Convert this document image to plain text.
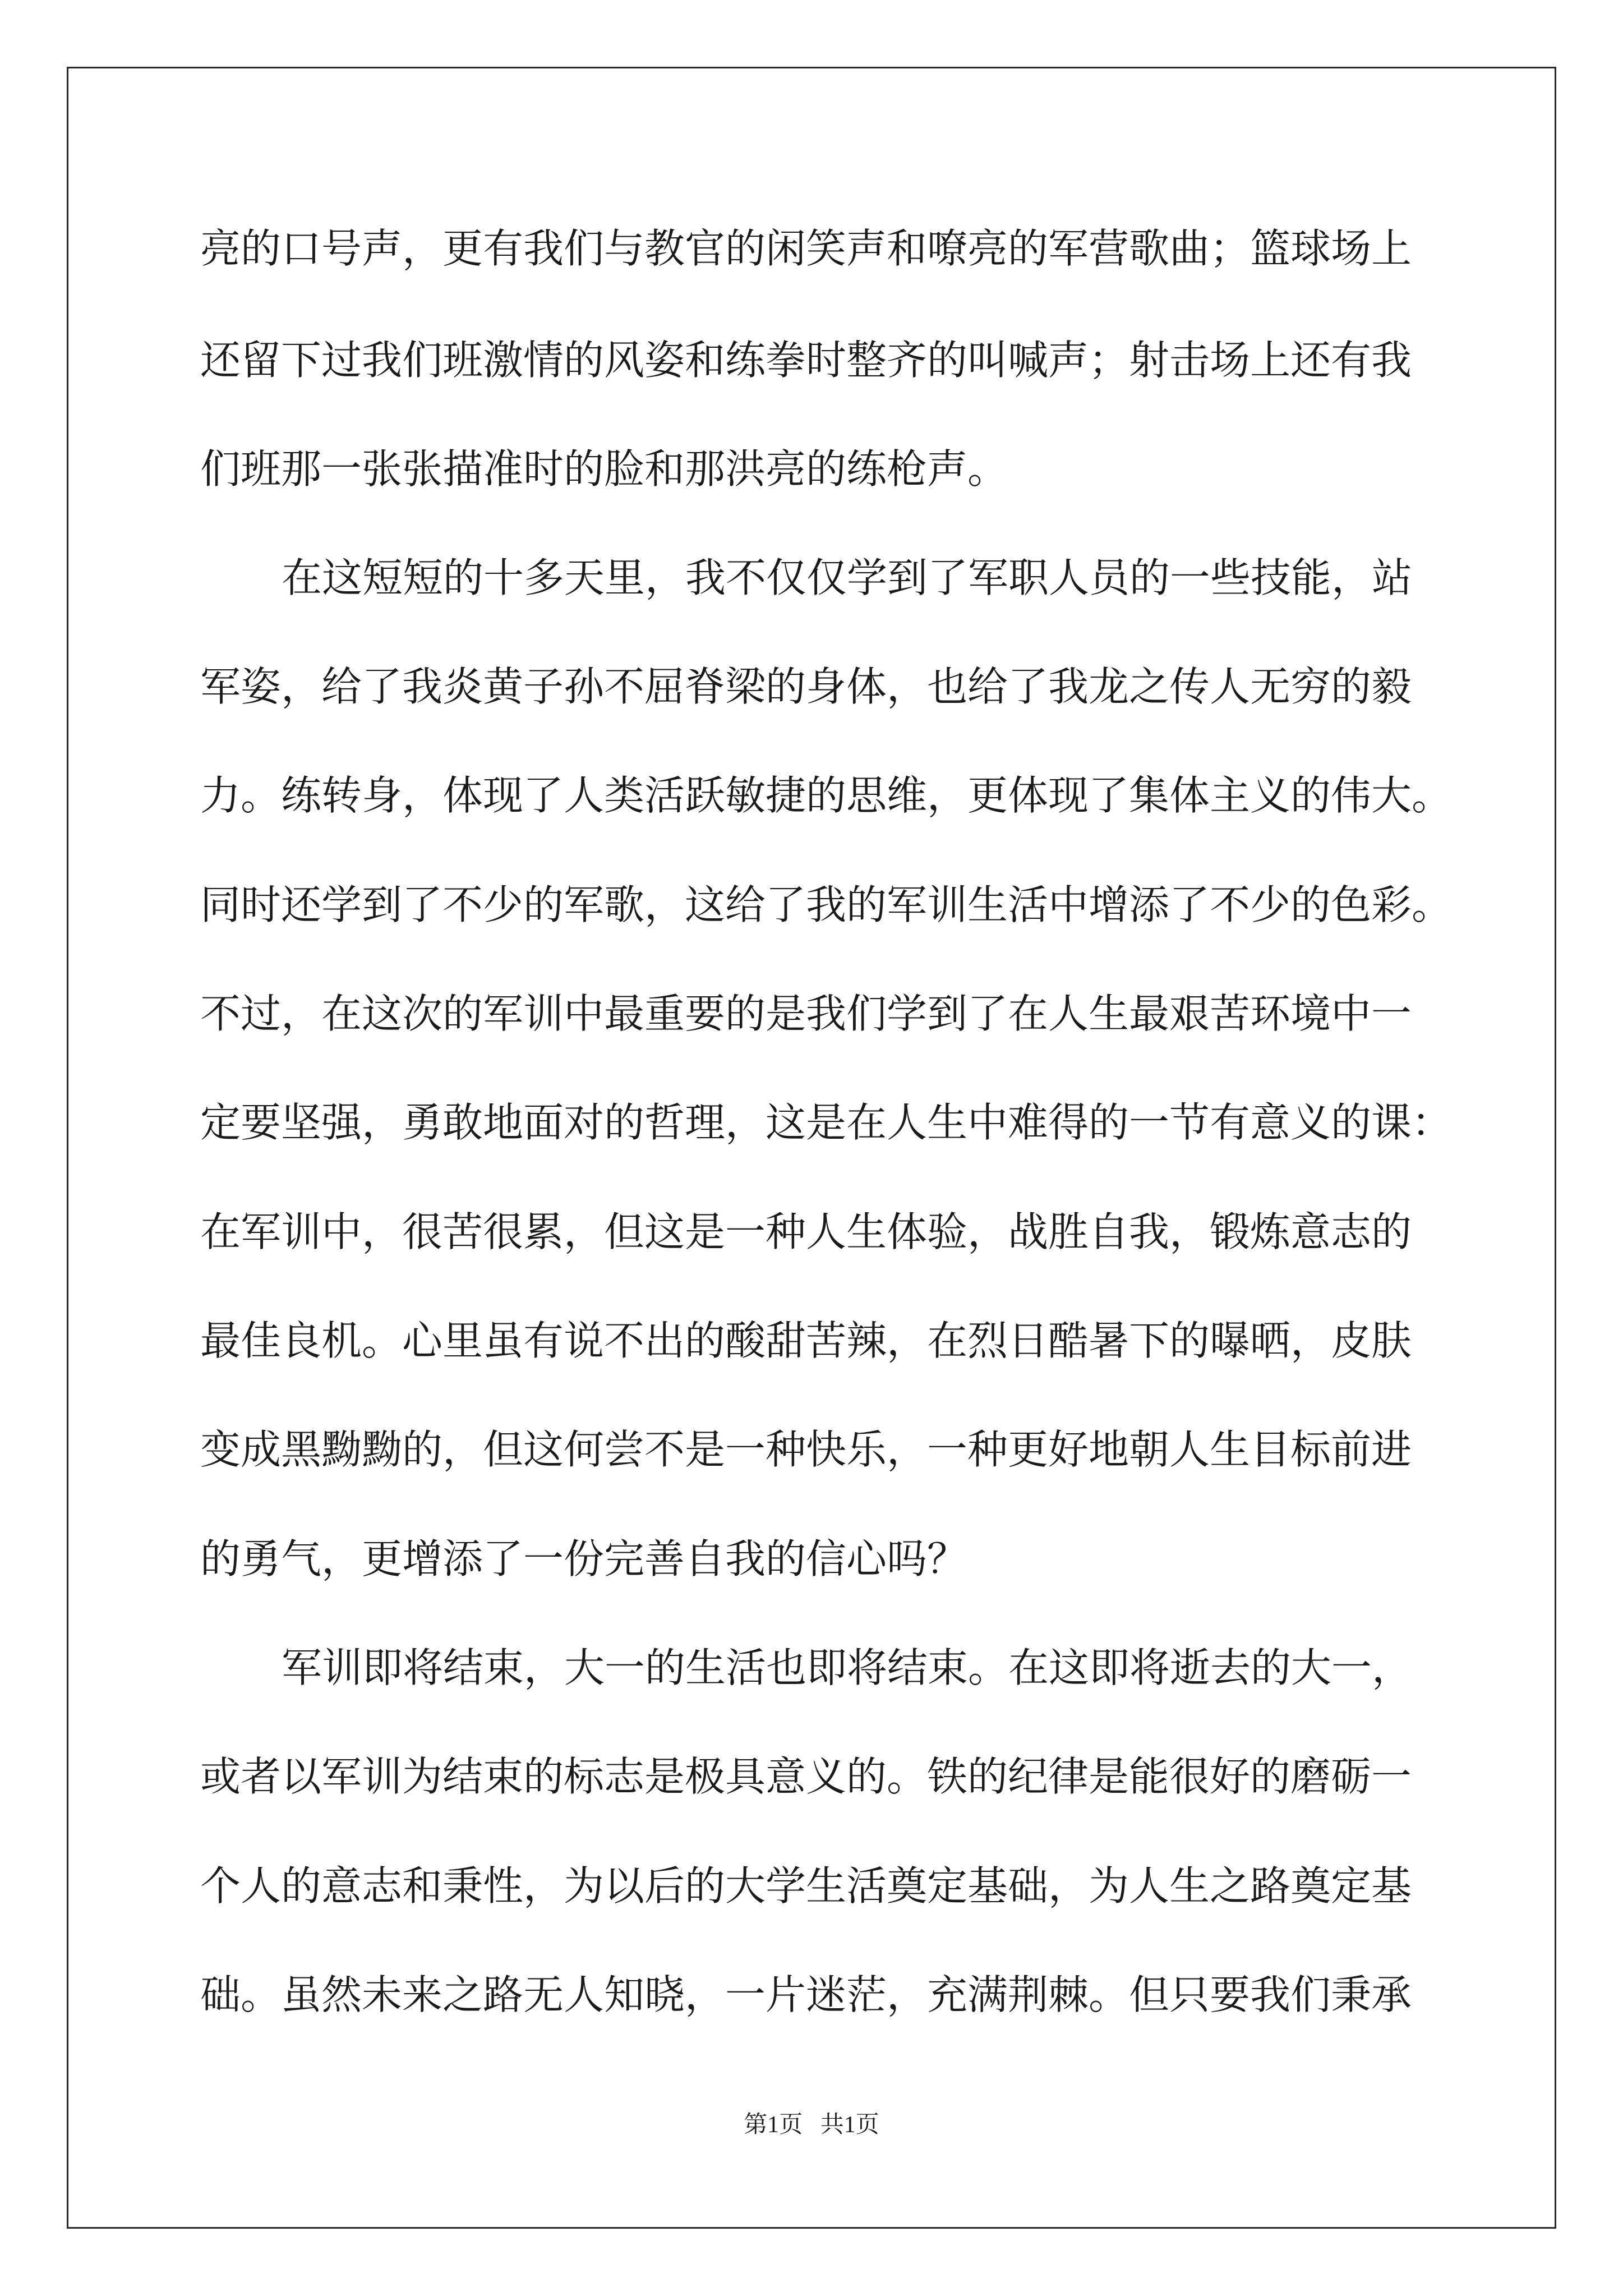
亮的口号声，更有我们与教官的闲笑声和嘹亮的军营歌曲；篮球场上
还留下过我们班激情的风姿和练拳时整齐的叫喊声；射击场上还有我
们班那一张张描准时的脸和那洪亮的练枪声。
在这短短的十多天里，我不仅仅学到了军职人员的一些技能，站
军姿，给了我炎黄子孙不屈脊梁的身体，也给了我龙之传人无穷的毅
力。练转身，体现了人类活跃敏捷的思维，更体现了集体主义的伟大。
同时还学到了不少的军歌，这给了我的军训生活中增添了不少的色彩。
不过，在这次的军训中最重要的是我们学到了在人生最艰苦环境中一
定要坚强，勇敢地面对的哲理，这是在人生中难得的一节有意义的课：
在军训中，很苦很累，但这是一种人生体验，战胜自我，锻炼意志的
最佳良机。心里虽有说不出的酸甜苦辣，在烈日酷暑下的曝晒，皮肤
变成黑黝黝的，但这何尝不是一种快乐，一种更好地朝人生目标前进
的勇气，更增添了一份完善自我的信心吗？
军训即将结束，大一的生活也即将结束。在这即将逝去的大一，
或者以军训为结束的标志是极具意义的。铁的纪律是能很好的磨砺一
个人的意志和秉性，为以后的大学生活奠定基础，为人生之路奠定基
础。虽然未来之路无人知晓，一片迷茫，充满荆棘。但只要我们秉承
第1页   共1页
